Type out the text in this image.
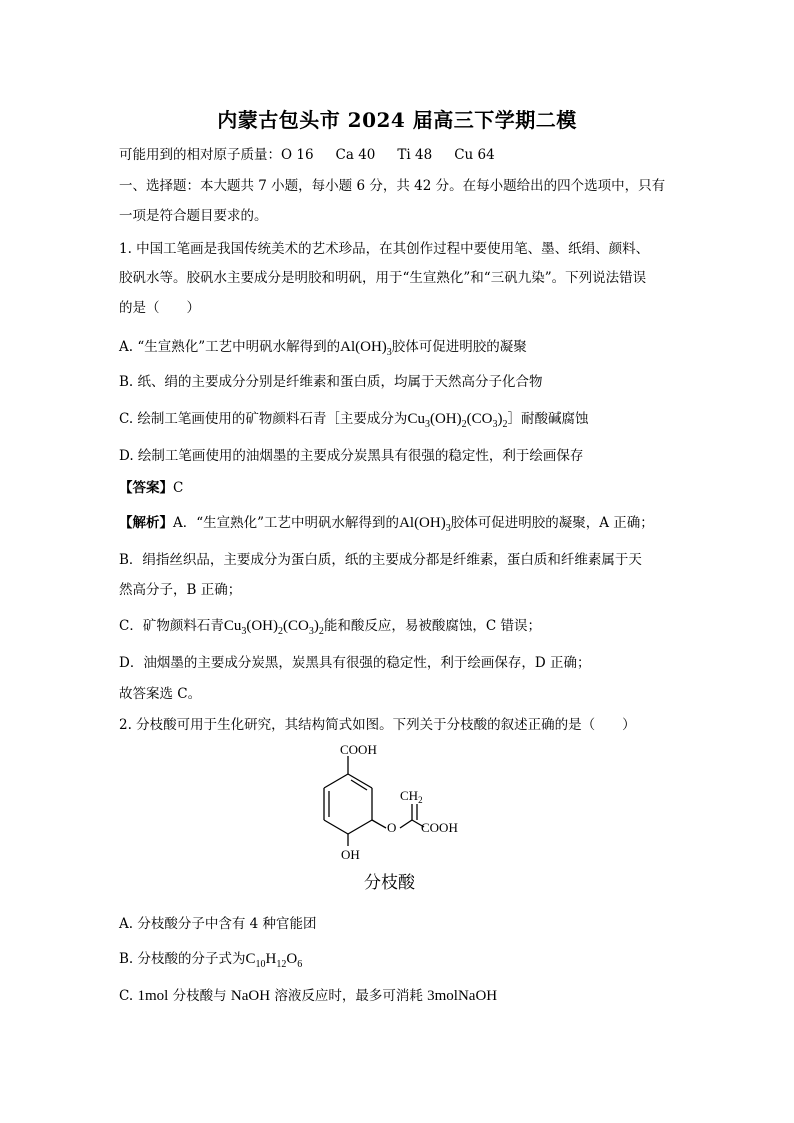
内蒙古包头市 2024 届高三下学期二模
可能用到的相对原子质量：O 16 Ca 40 Ti 48 Cu 64
一、选择题：本大题共 7 小题，每小题 6 分，共 42 分。在每小题给出的四个选项中，只有
一项是符合题目要求的。
1. 中国工笔画是我国传统美术的艺术珍品，在其创作过程中要使用笔、墨、纸绢、颜料、
胶矾水等。胶矾水主要成分是明胶和明矾，用于“生宣熟化”和“三矾九染”。下列说法错误
的是（　　）
A. “生宣熟化”工艺中明矾水解得到的$Al(OH)_3$胶体可促进明胶的凝聚
B. 纸、绢的主要成分分别是纤维素和蛋白质，均属于天然高分子化合物
C. 绘制工笔画使用的矿物颜料石青［主要成分为$Cu_3(OH)_2(CO_3)_2]$耐酸碱腐蚀
D. 绘制工笔画使用的油烟墨的主要成分炭黑具有很强的稳定性，利于绘画保存
【答案】C
【解析】A．“生宣熟化”工艺中明矾水解得到的$Al(OH)_3$胶体可促进明胶的凝聚，A 正确；
B．绢指丝织品，主要成分为蛋白质，纸的主要成分都是纤维素，蛋白质和纤维素属于天
然高分子，B 正确；
C．矿物颜料石青$Cu_3(OH)_2(CO_3)_2$能和酸反应，易被酸腐蚀，C 错误；
D．油烟墨的主要成分炭黑，炭黑具有很强的稳定性，利于绘画保存，D 正确；
故答案选 C。
2. 分枝酸可用于生化研究，其结构简式如图。下列关于分枝酸的叙述正确的是（　　）
COOH
$CH_2$
O COOH
OH
分枝酸
A. 分枝酸分子中含有 4 种官能团
B. 分枝酸的分子式为$C_{10}H_{12}O_6$
C. 1mol 分枝酸与 NaOH 溶液反应时，最多可消耗 3molNaOH
